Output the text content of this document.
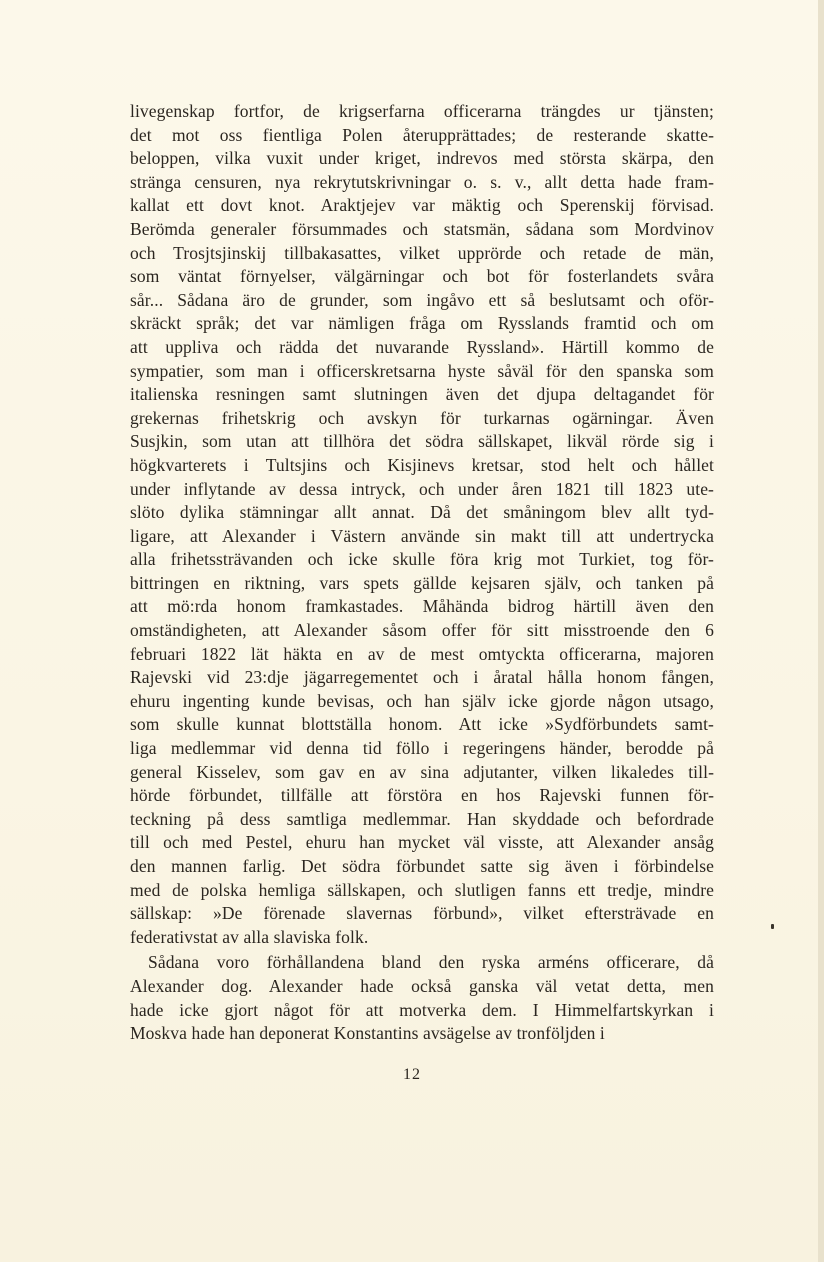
livegenskap fortfor, de krigserfarna officerarna trängdes ur tjänsten;
det mot oss fientliga Polen återupprättades; de resterande skatte-
beloppen, vilka vuxit under kriget, indrevos med största skärpa, den
stränga censuren, nya rekrytutskrivningar o. s. v., allt detta hade fram-
kallat ett dovt knot. Araktjejev var mäktig och Sperenskij förvisad.
Berömda generaler försummades och statsmän, sådana som Mordvinov
och Trosjtsjinskij tillbakasattes, vilket upprörde och retade de män,
som väntat förnyelser, välgärningar och bot för fosterlandets svåra
sår... Sådana äro de grunder, som ingåvo ett så beslutsamt och oför-
skräckt språk; det var nämligen fråga om Rysslands framtid och om
att uppliva och rädda det nuvarande Ryssland». Härtill kommo de
sympatier, som man i officerskretsarna hyste såväl för den spanska som
italienska resningen samt slutningen även det djupa deltagandet för
grekernas frihetskrig och avskyn för turkarnas ogärningar. Även
Susjkin, som utan att tillhöra det södra sällskapet, likväl rörde sig i
högkvarterets i Tultsjins och Kisjinevs kretsar, stod helt och hållet
under inflytande av dessa intryck, och under åren 1821 till 1823 ute-
slöto dylika stämningar allt annat. Då det småningom blev allt tyd-
ligare, att Alexander i Västern använde sin makt till att undertrycka
alla frihetssträvanden och icke skulle föra krig mot Turkiet, tog för-
bittringen en riktning, vars spets gällde kejsaren själv, och tanken på
att mö:rda honom framkastades. Måhända bidrog härtill även den
omständigheten, att Alexander såsom offer för sitt misstroende den 6
februari 1822 lät häkta en av de mest omtyckta officerarna, majoren
Rajevski vid 23:dje jägarregementet och i åratal hålla honom fången,
ehuru ingenting kunde bevisas, och han själv icke gjorde någon utsago,
som skulle kunnat blottställa honom. Att icke »Sydförbundets samt-
liga medlemmar vid denna tid föllo i regeringens händer, berodde på
general Kisselev, som gav en av sina adjutanter, vilken likaledes till-
hörde förbundet, tillfälle att förstöra en hos Rajevski funnen för-
teckning på dess samtliga medlemmar. Han skyddade och befordrade
till och med Pestel, ehuru han mycket väl visste, att Alexander ansåg
den mannen farlig. Det södra förbundet satte sig även i förbindelse
med de polska hemliga sällskapen, och slutligen fanns ett tredje, mindre
sällskap: »De förenade slavernas förbund», vilket eftersträvade en
federativstat av alla slaviska folk.
Sådana voro förhållandena bland den ryska arméns officerare, då
Alexander dog. Alexander hade också ganska väl vetat detta, men
hade icke gjort något för att motverka dem. I Himmelfartskyrkan i
Moskva hade han deponerat Konstantins avsägelse av tronföljden i
12
